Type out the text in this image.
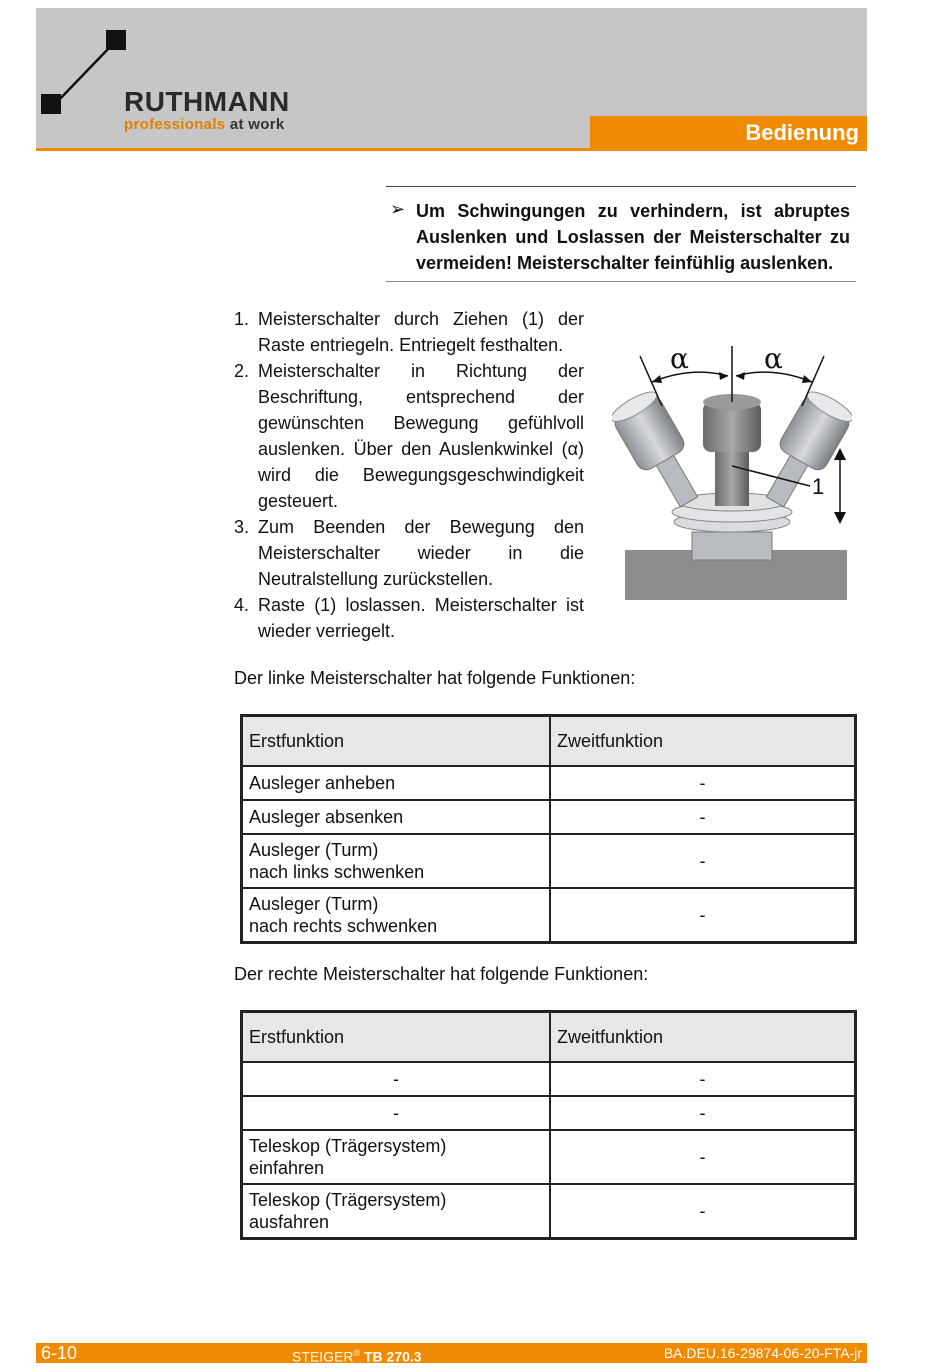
RUTHMANN
professionals at work	Bedienung
➢ Um Schwingungen zu verhindern, ist abruptes Auslenken und Loslassen der Meisterschalter zu vermeiden! Meisterschalter feinfühlig auslenken.
1. Meisterschalter durch Ziehen (1) der Raste entriegeln. Entriegelt festhalten.
2. Meisterschalter in Richtung der Beschriftung, entsprechend der gewünschten Bewegung gefühlvoll auslenken. Über den Auslenkwinkel (α) wird die Bewegungsgeschwindigkeit gesteuert.
3. Zum Beenden der Bewegung den Meisterschalter wieder in die Neutralstellung zurückstellen.
4. Raste (1) loslassen. Meisterschalter ist wieder verriegelt.
α	α
1
Der linke Meisterschalter hat folgende Funktionen:
Erstfunktion	Zweitfunktion
Ausleger anheben	-
Ausleger absenken	-
Ausleger (Turm)
nach links schwenken	-
Ausleger (Turm)
nach rechts schwenken	-
Der rechte Meisterschalter hat folgende Funktionen:
Erstfunktion	Zweitfunktion
-	-
-	-
Teleskop (Trägersystem)
einfahren	-
Teleskop (Trägersystem)
ausfahren	-
6-10	STEIGER® TB 270.3	BA.DEU.16-29874-06-20-FTA-jr
